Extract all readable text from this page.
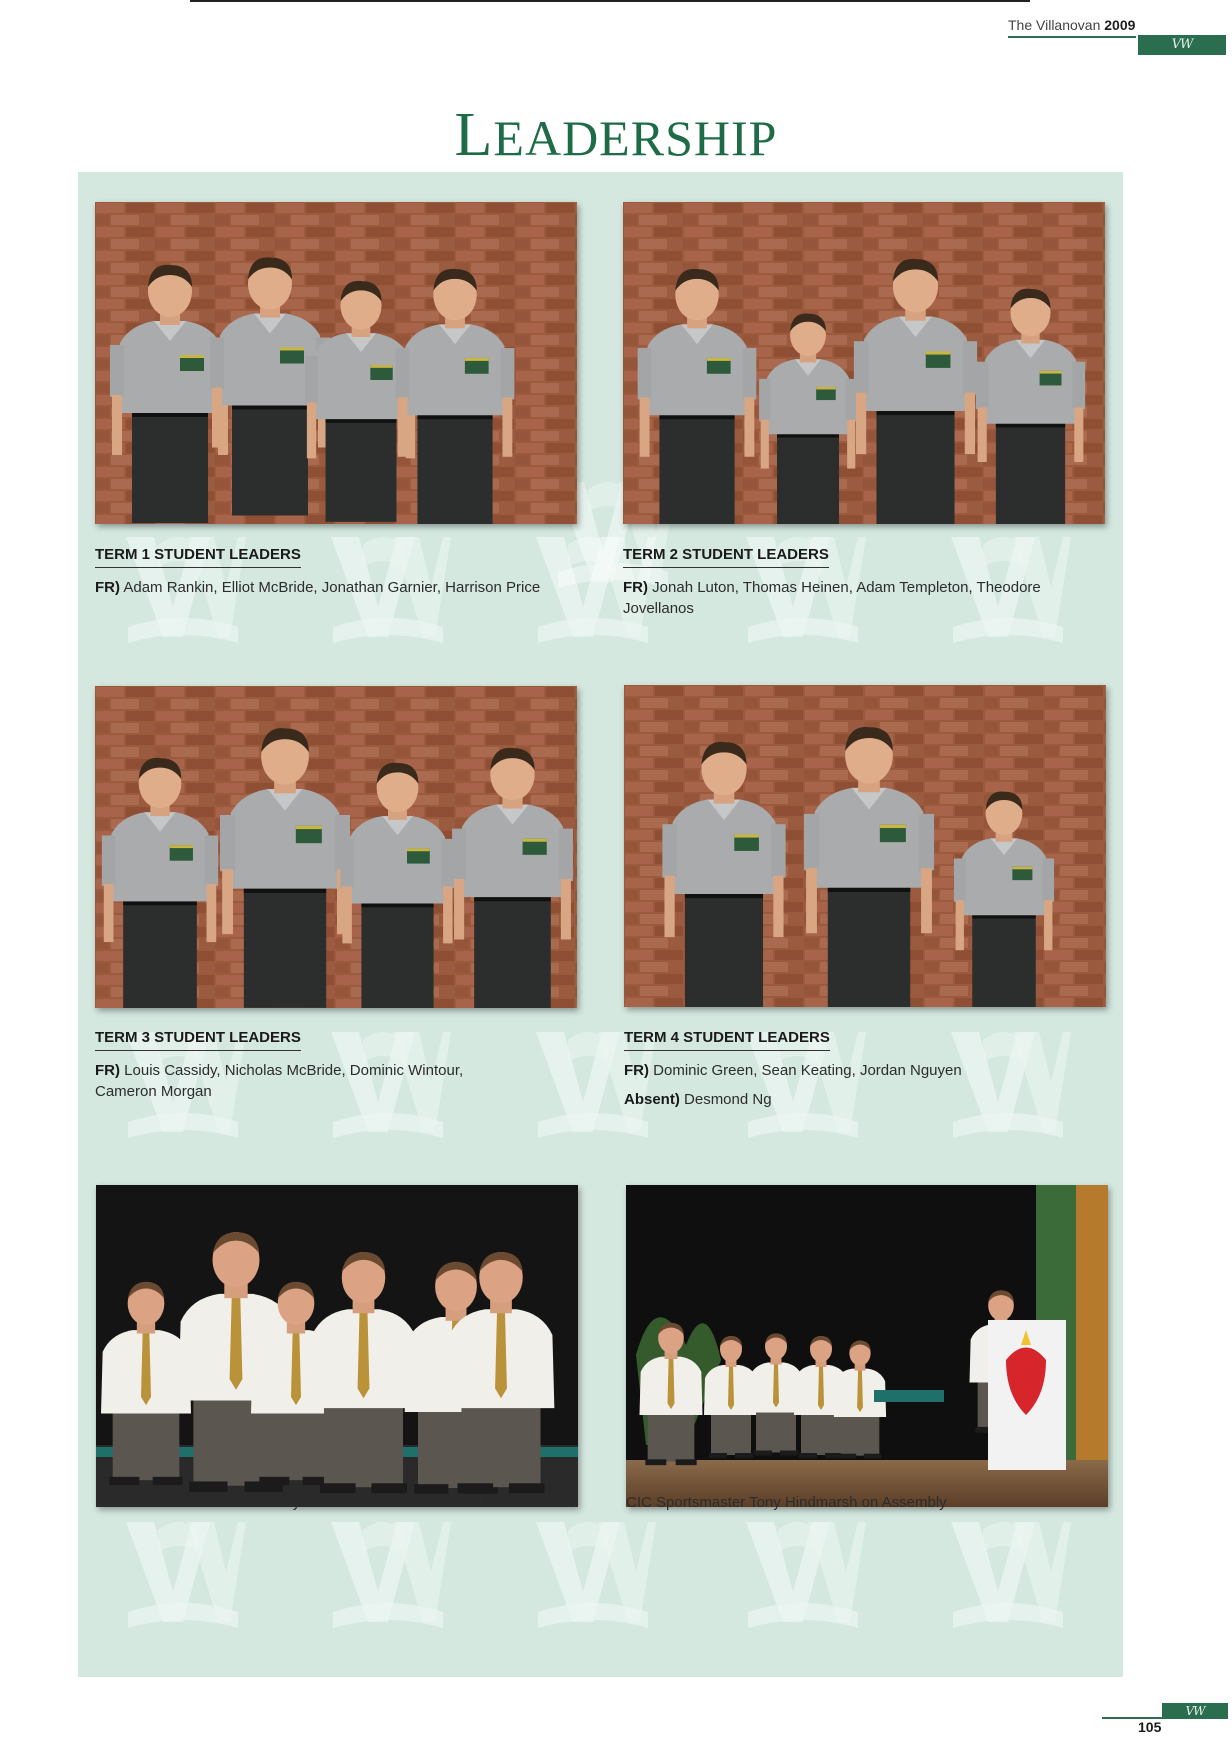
The Villanovan 2009
VW
LEADERSHIP
TERM 1 STUDENT LEADERS
FR) Adam Rankin, Elliot McBride, Jonathan Garnier, Harrison Price
TERM 2 STUDENT LEADERS
FR) Jonah Luton, Thomas Heinen, Adam Templeton, Theodore Jovellanos
TERM 3 STUDENT LEADERS
FR) Louis Cassidy, Nicholas McBride, Dominic Wintour, Cameron Morgan
TERM 4 STUDENT LEADERS
FR) Dominic Green, Sean Keating, Jordan Nguyen
Absent) Desmond Ng
Brendan Downes on Assembly with Steve Rouhliadeff and Josh Bird	CIC Sportsmaster Tony Hindmarsh on Assembly
VW
105
